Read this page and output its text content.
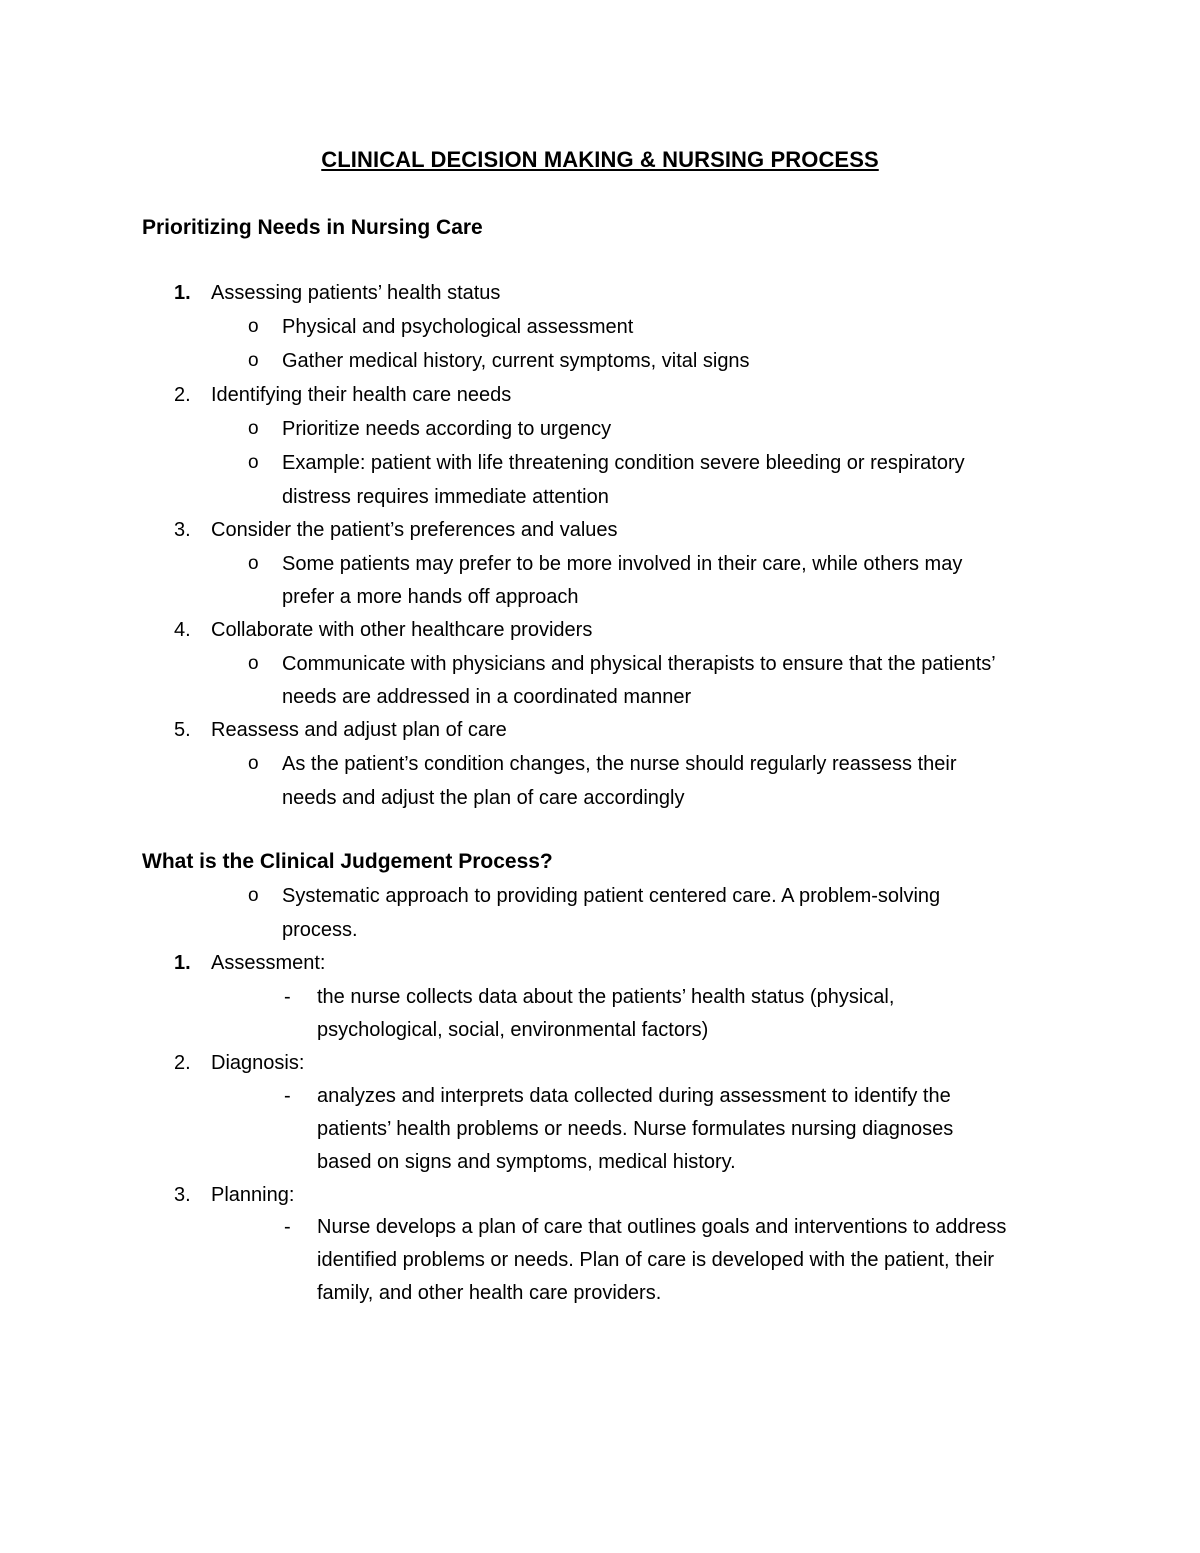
CLINICAL DECISION MAKING & NURSING PROCESS
Prioritizing Needs in Nursing Care
1.	Assessing patients’ health status
o	Physical and psychological assessment
o	Gather medical history, current symptoms, vital signs
2.	Identifying their health care needs
o	Prioritize needs according to urgency
o	Example: patient with life threatening condition severe bleeding or respiratory
distress requires immediate attention
3.	Consider the patient’s preferences and values
o	Some patients may prefer to be more involved in their care, while others may
prefer a more hands off approach
4.	Collaborate with other healthcare providers
o	Communicate with physicians and physical therapists to ensure that the patients’
needs are addressed in a coordinated manner
5.	Reassess and adjust plan of care
o	As the patient’s condition changes, the nurse should regularly reassess their
needs and adjust the plan of care accordingly
What is the Clinical Judgement Process?
o	Systematic approach to providing patient centered care. A problem-solving
process.
1.	Assessment:
-	the nurse collects data about the patients’ health status (physical,
psychological, social, environmental factors)
2.	Diagnosis:
-	analyzes and interprets data collected during assessment to identify the
patients’ health problems or needs. Nurse formulates nursing diagnoses
based on signs and symptoms, medical history.
3.	Planning:
-	Nurse develops a plan of care that outlines goals and interventions to address
identified problems or needs. Plan of care is developed with the patient, their
family, and other health care providers.
